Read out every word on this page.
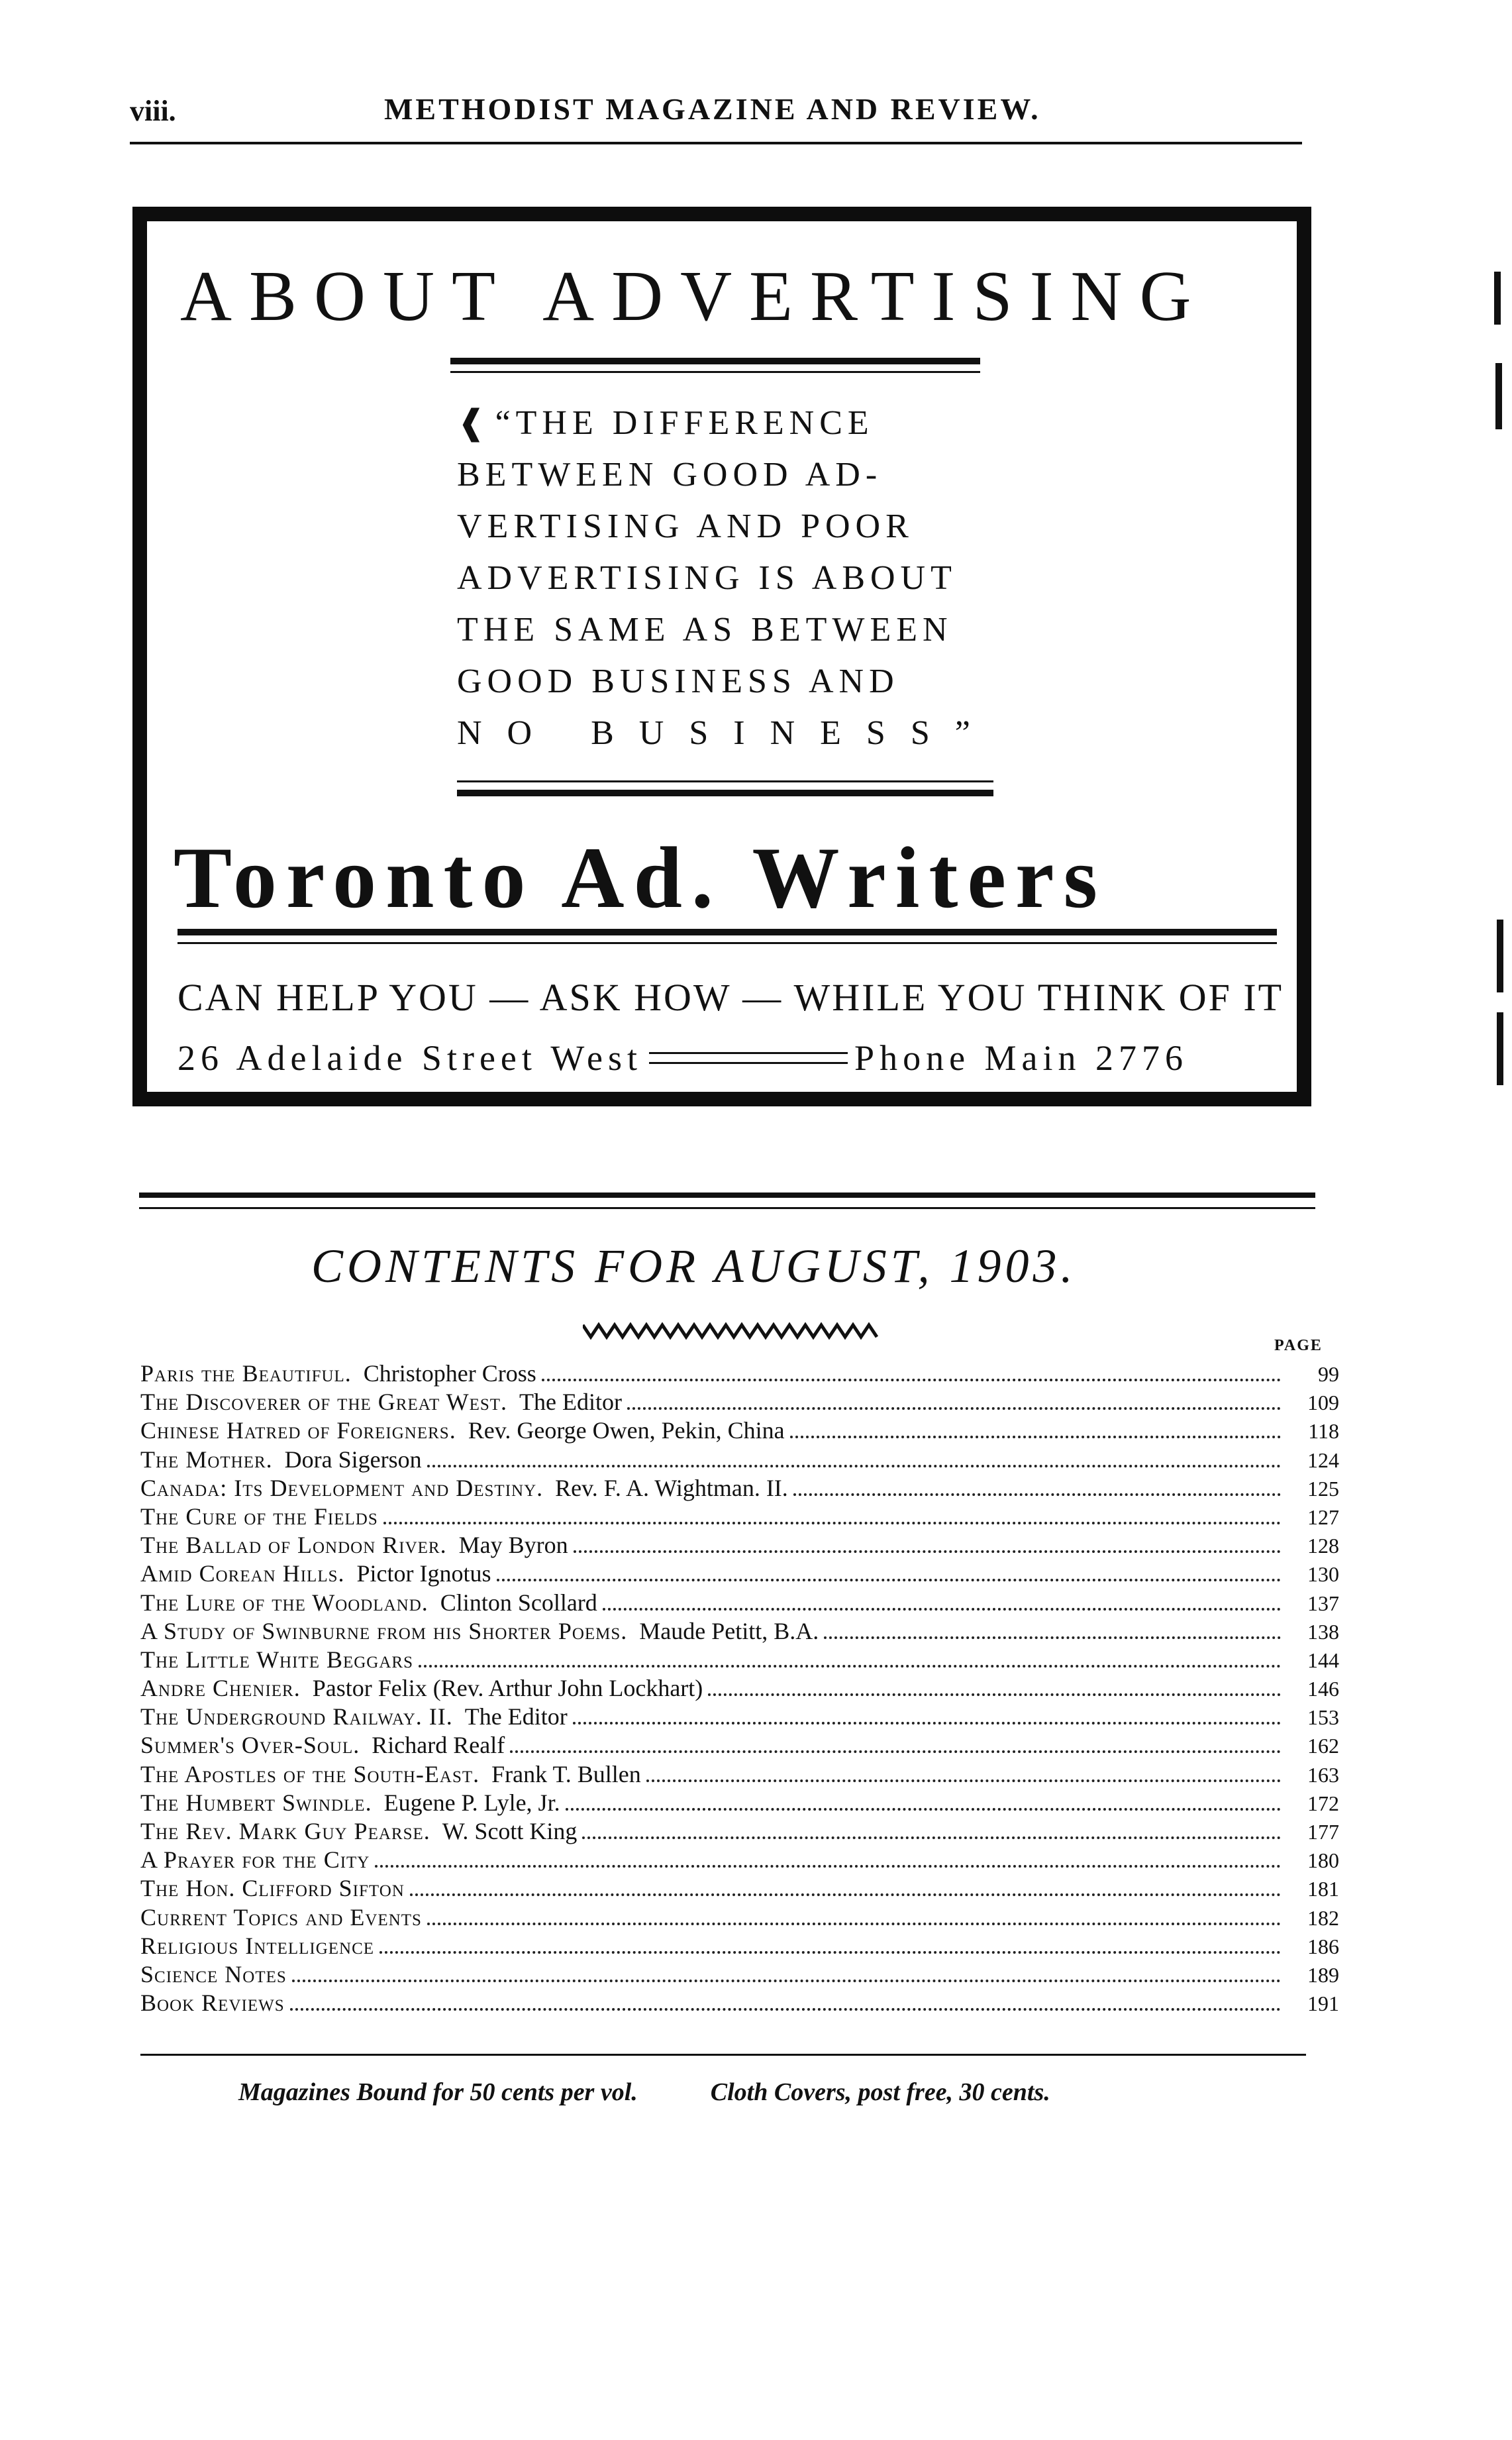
viii.	METHODIST MAGAZINE AND REVIEW.
ABOUT ADVERTISING
❰ “THE DIFFERENCE
BETWEEN GOOD AD-
VERTISING AND POOR
ADVERTISING IS ABOUT
THE SAME AS BETWEEN
GOOD BUSINESS AND
NO BUSINESS”
Toronto Ad. Writers
CAN HELP YOU — ASK HOW — WHILE YOU THINK OF IT
26 Adelaide Street West	Phone Main 2776
CONTENTS FOR AUGUST, 1903.
PAGE
Paris the Beautiful. Christopher Cross	99
The Discoverer of the Great West. The Editor	109
Chinese Hatred of Foreigners. Rev. George Owen, Pekin, China	118
The Mother. Dora Sigerson	124
Canada: Its Development and Destiny. Rev. F. A. Wightman. II.	125
The Cure of the Fields	127
The Ballad of London River. May Byron	128
Amid Corean Hills. Pictor Ignotus	130
The Lure of the Woodland. Clinton Scollard	137
A Study of Swinburne from his Shorter Poems. Maude Petitt, B.A.	138
The Little White Beggars	144
Andre Chenier. Pastor Felix (Rev. Arthur John Lockhart)	146
The Underground Railway. II. The Editor	153
Summer's Over-Soul. Richard Realf	162
The Apostles of the South-East. Frank T. Bullen	163
The Humbert Swindle. Eugene P. Lyle, Jr.	172
The Rev. Mark Guy Pearse. W. Scott King	177
A Prayer for the City	180
The Hon. Clifford Sifton	181
Current Topics and Events	182
Religious Intelligence	186
Science Notes	189
Book Reviews	191
Magazines Bound for 50 cents per vol.	Cloth Covers, post free, 30 cents.
